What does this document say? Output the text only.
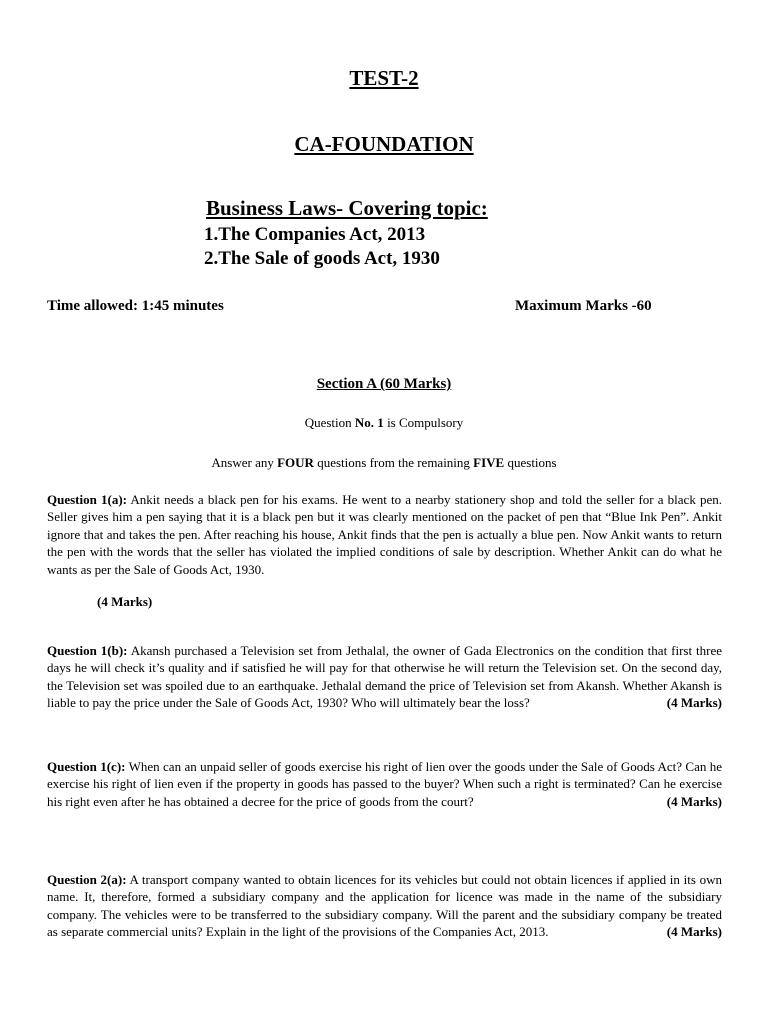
TEST-2
CA-FOUNDATION
Business Laws- Covering topic:
1.The Companies Act, 2013
2.The Sale of goods Act, 1930
Time allowed: 1:45 minutes	Maximum Marks -60
Section A (60 Marks)
Question No. 1 is Compulsory
Answer any FOUR questions from the remaining FIVE questions

Question 1(a): Ankit needs a black pen for his exams. He went to a nearby stationery shop and told the seller for a black pen. Seller gives him a pen saying that it is a black pen but it was clearly mentioned on the packet of pen that “Blue Ink Pen”. Ankit ignore that and takes the pen. After reaching his house, Ankit finds that the pen is actually a blue pen. Now Ankit wants to return the pen with the words that the seller has violated the implied conditions of sale by description. Whether Ankit can do what he wants as per the Sale of Goods Act, 1930.

(4 Marks)

Question 1(b): Akansh purchased a Television set from Jethalal, the owner of Gada Electronics on the condition that first three days he will check it’s quality and if satisfied he will pay for that otherwise he will return the Television set. On the second day, the Television set was spoiled due to an earthquake. Jethalal demand the price of Television set from Akansh. Whether Akansh is liable to pay the price under the Sale of Goods Act, 1930? Who will ultimately bear the loss?	(4 Marks)

Question 1(c): When can an unpaid seller of goods exercise his right of lien over the goods under the Sale of Goods Act? Can he exercise his right of lien even if the property in goods has passed to the buyer? When such a right is terminated? Can he exercise his right even after he has obtained a decree for the price of goods from the court?	(4 Marks)

Question 2(a): A transport company wanted to obtain licences for its vehicles but could not obtain licences if applied in its own name. It, therefore, formed a subsidiary company and the application for licence was made in the name of the subsidiary company. The vehicles were to be transferred to the subsidiary company. Will the parent and the subsidiary company be treated as separate commercial units? Explain in the light of the provisions of the Companies Act, 2013.	(4 Marks)
